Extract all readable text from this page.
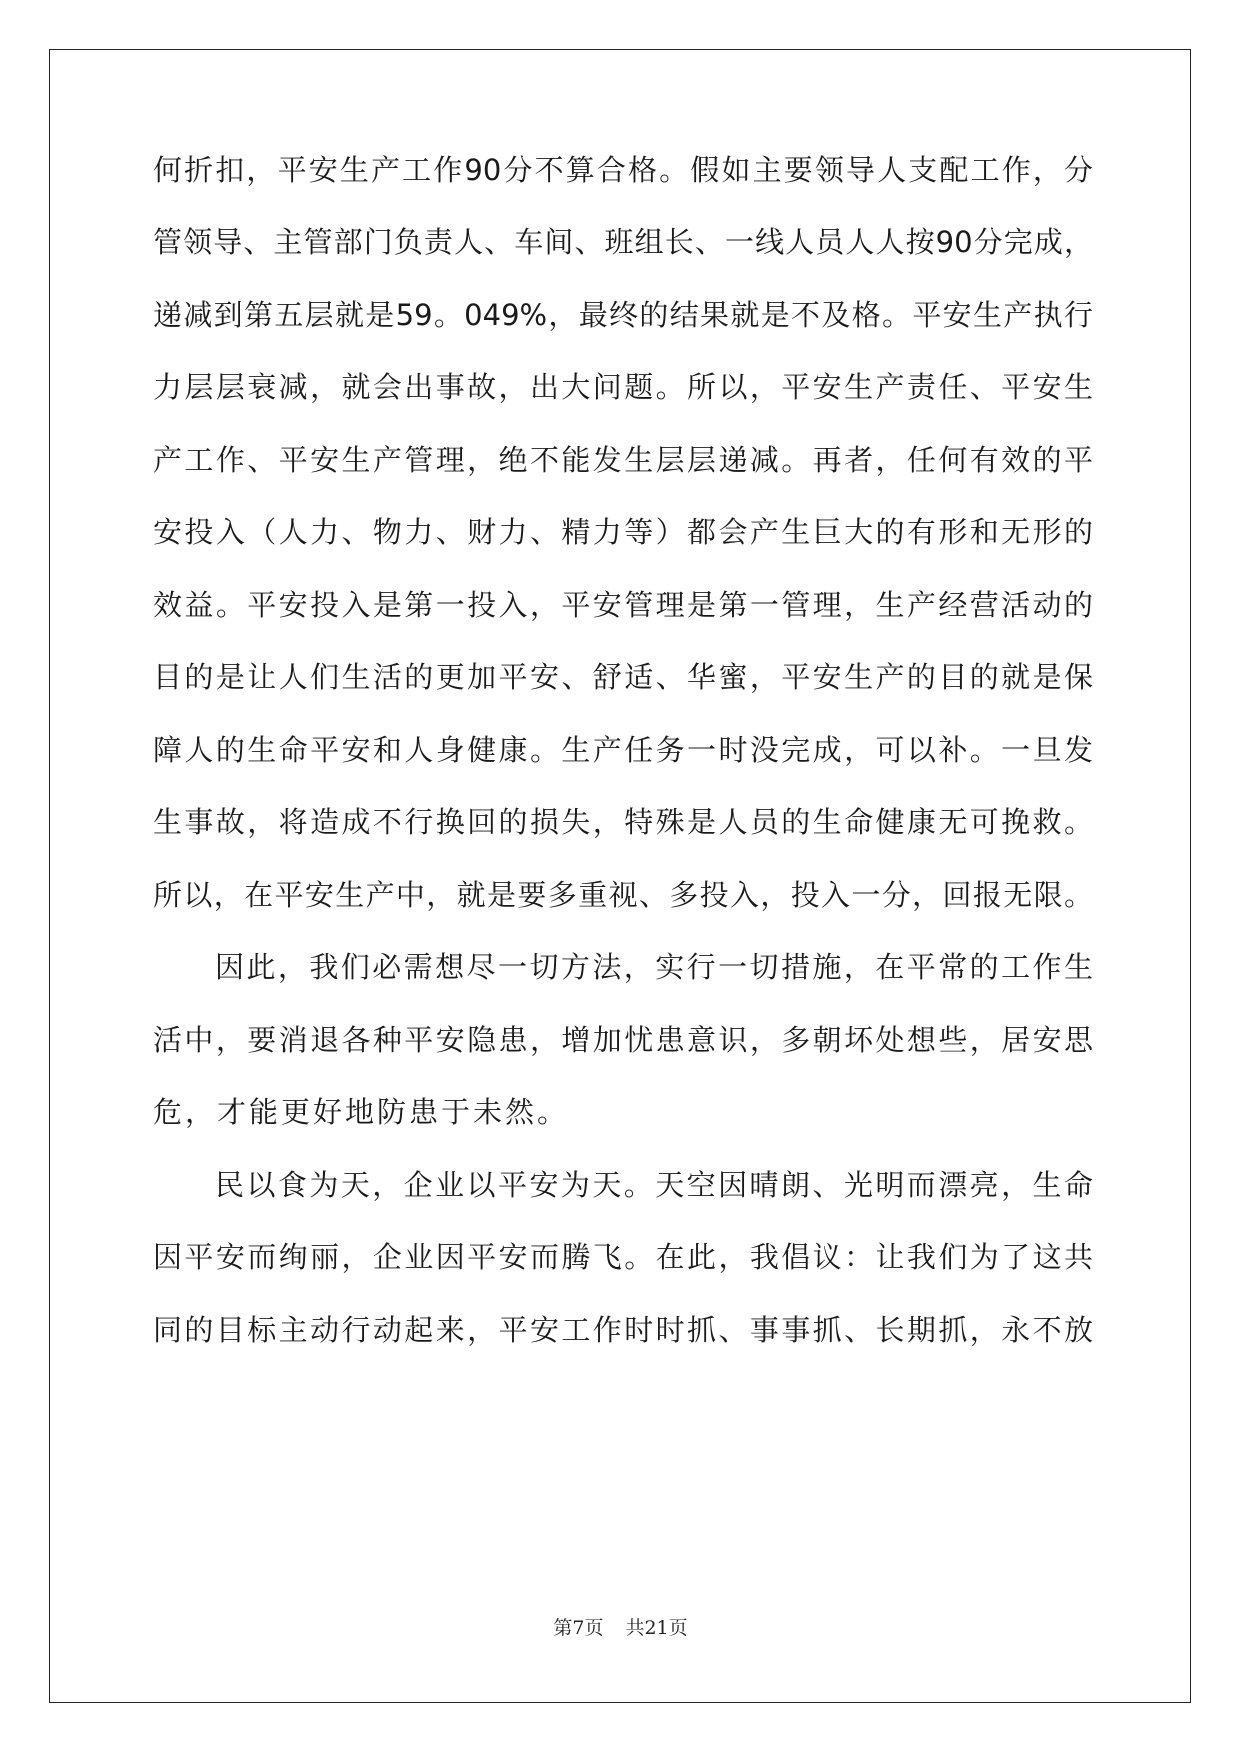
何折扣，平安生产工作90分不算合格。假如主要领导人支配工作，分
管领导、主管部门负责人、车间、班组长、一线人员人人按90分完成，
递减到第五层就是59。049%，最终的结果就是不及格。平安生产执行
力层层衰减，就会出事故，出大问题。所以，平安生产责任、平安生
产工作、平安生产管理，绝不能发生层层递减。再者，任何有效的平
安投入（人力、物力、财力、精力等）都会产生巨大的有形和无形的
效益。平安投入是第一投入，平安管理是第一管理，生产经营活动的
目的是让人们生活的更加平安、舒适、华蜜，平安生产的目的就是保
障人的生命平安和人身健康。生产任务一时没完成，可以补。一旦发
生事故，将造成不行换回的损失，特殊是人员的生命健康无可挽救。
所以，在平安生产中，就是要多重视、多投入，投入一分，回报无限。
因此，我们必需想尽一切方法，实行一切措施，在平常的工作生
活中，要消退各种平安隐患，增加忧患意识，多朝坏处想些，居安思
危，才能更好地防患于未然。
民以食为天，企业以平安为天。天空因晴朗、光明而漂亮，生命
因平安而绚丽，企业因平安而腾飞。在此，我倡议：让我们为了这共
同的目标主动行动起来，平安工作时时抓、事事抓、长期抓，永不放
第7页 共21页
